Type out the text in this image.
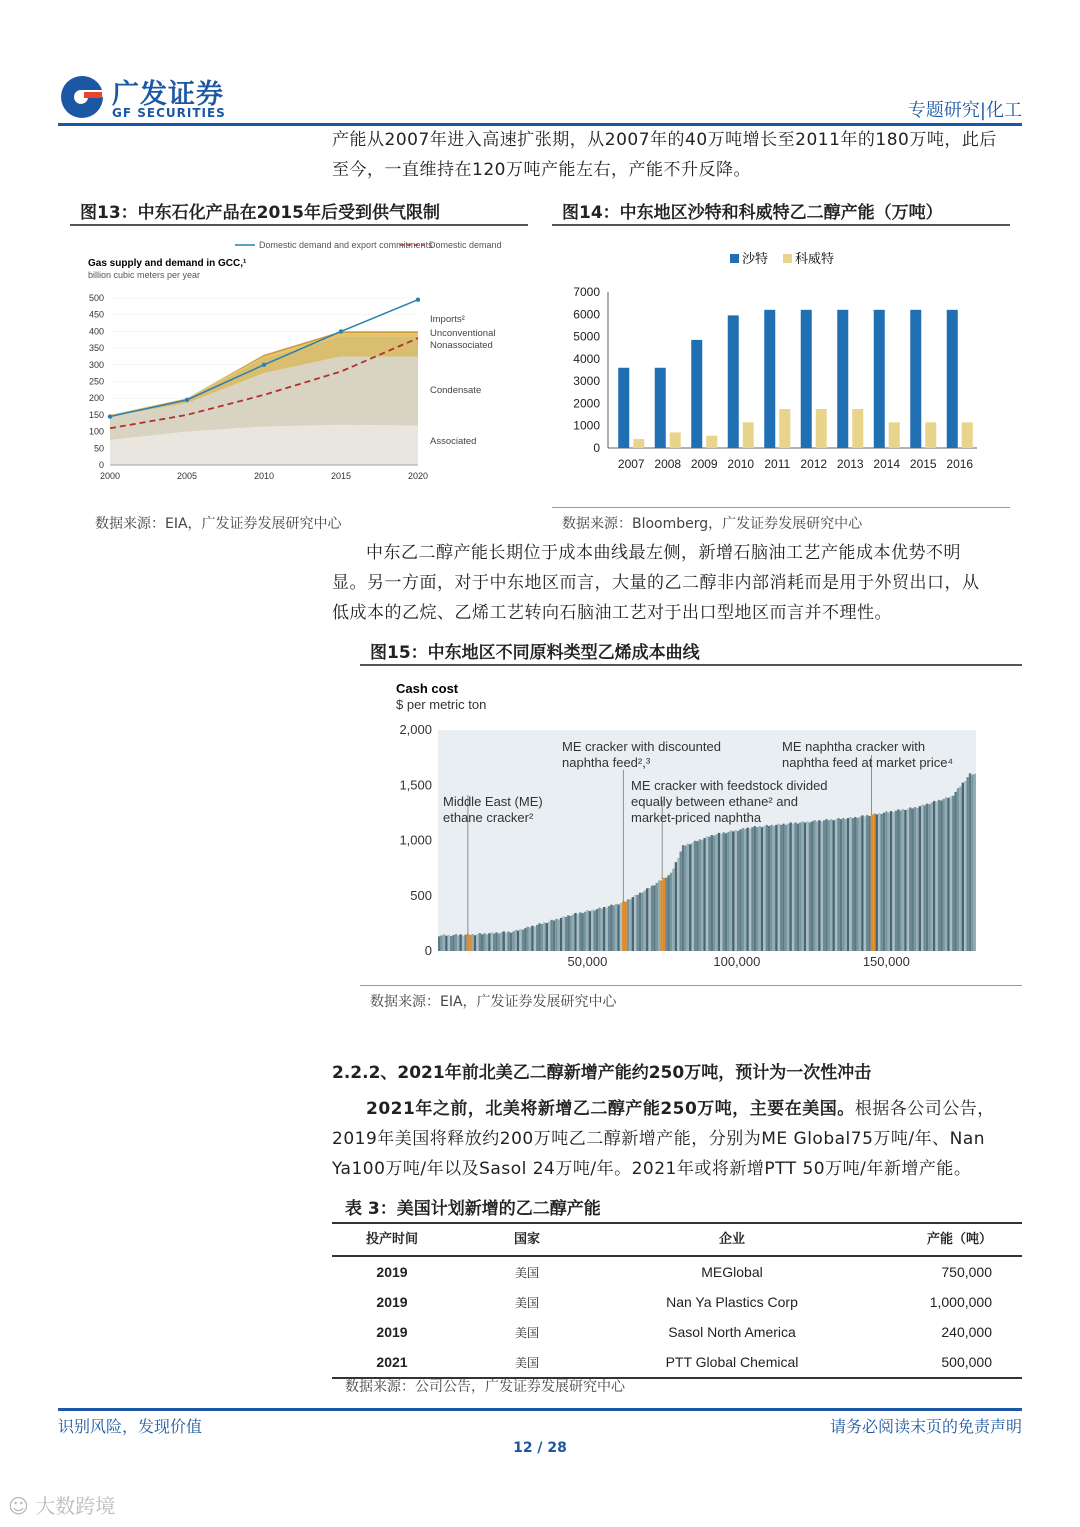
广发证券
GF SECURITIES	专题研究|化工
产能从2007年进入高速扩张期，从2007年的40万吨增长至2011年的180万吨，此后
至今，一直维持在120万吨产能左右，产能不升反降。
图13：中东石化产品在2015年后受到供气限制
Domestic demand and export commitments
Domestic demand
Gas supply and demand in GCC,¹
billion cubic meters per year
500
450
400
350
300
250
200
150
100
50
0
2000	2005	2010	2015	2020
Imports²
Unconventional
Nonassociated
Condensate
Associated
数据来源：EIA，广发证券发展研究中心
图14：中东地区沙特和科威特乙二醇产能（万吨）
沙特 科威特
7000
6000
5000
4000
3000
2000
1000
0
2007 2008 2009 2010 2011 2012 2013 2014 2015 2016
数据来源：Bloomberg，广发证券发展研究中心
中东乙二醇产能长期位于成本曲线最左侧，新增石脑油工艺产能成本优势不明
显。另一方面，对于中东地区而言，大量的乙二醇非内部消耗而是用于外贸出口，从
低成本的乙烷、乙烯工艺转向石脑油工艺对于出口型地区而言并不理性。
图15：中东地区不同原料类型乙烯成本曲线
Cash cost
$ per metric ton
2,000
1,500
1,000
500
0
50,000	100,000	150,000
Middle East (ME)
ethane cracker²
ME cracker with discounted
naphtha feed²,³
ME cracker with feedstock divided
equally between ethane² and
market-priced naphtha
ME naphtha cracker with
naphtha feed at market price⁴
数据来源：EIA，广发证券发展研究中心
2.2.2、2021年前北美乙二醇新增产能约250万吨，预计为一次性冲击
2021年之前，北美将新增乙二醇产能250万吨，主要在美国。根据各公司公告，
2019年美国将释放约200万吨乙二醇新增产能，分别为ME Global75万吨/年、Nan
Ya100万吨/年以及Sasol 24万吨/年。2021年或将新增PTT 50万吨/年新增产能。
表 3：美国计划新增的乙二醇产能
投产时间	国家	企业	产能（吨）
2019	美国	MEGlobal	750,000
2019	美国	Nan Ya Plastics Corp	1,000,000
2019	美国	Sasol North America	240,000
2021	美国	PTT Global Chemical	500,000
数据来源：公司公告，广发证券发展研究中心
识别风险，发现价值	请务必阅读末页的免责声明
12 / 28
☺ 大数跨境
